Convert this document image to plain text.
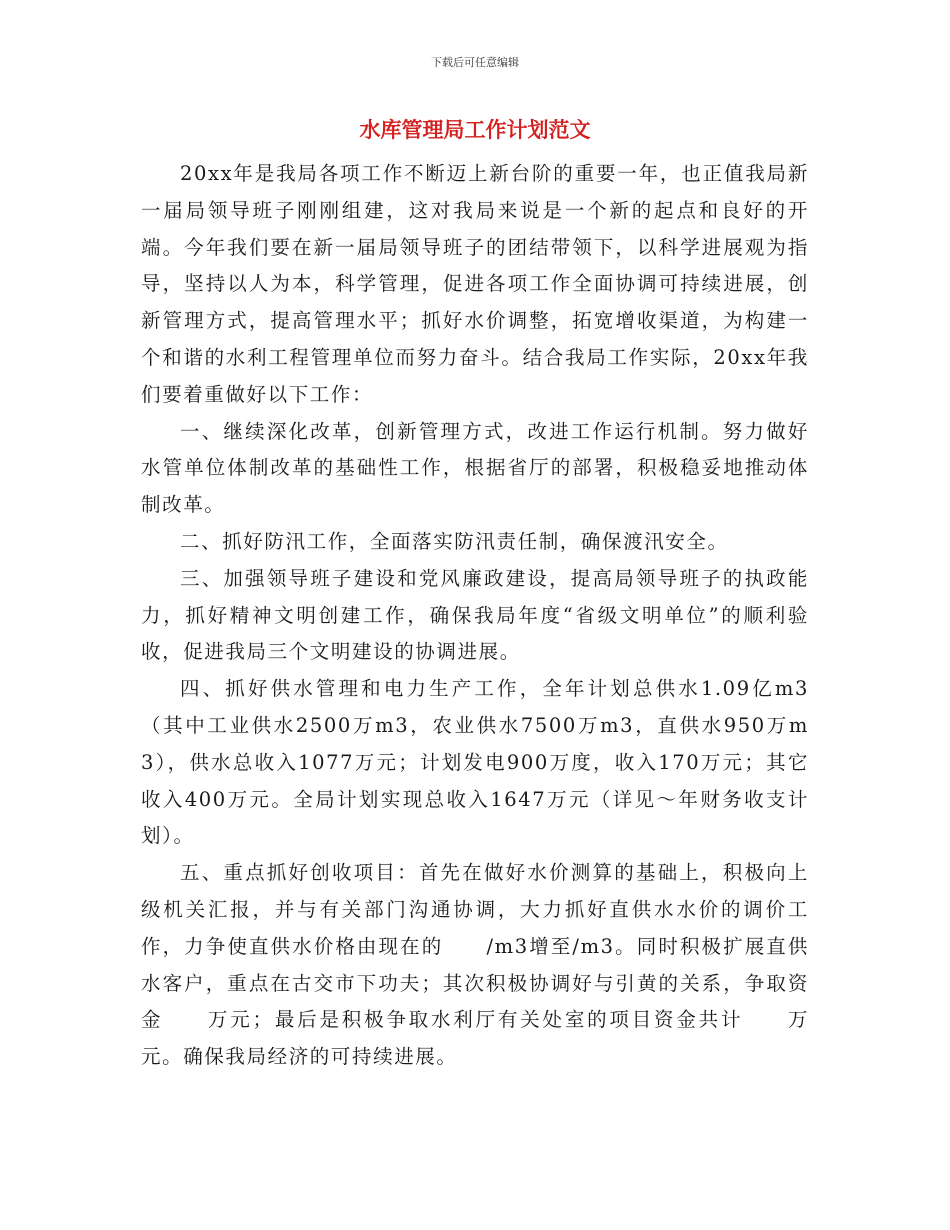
下载后可任意编辑
水库管理局工作计划范文

20xx年是我局各项工作不断迈上新台阶的重要一年，也正值我局新一届局领导班子刚刚组建，这对我局来说是一个新的起点和良好的开端。今年我们要在新一届局领导班子的团结带领下，以科学进展观为指导，坚持以人为本，科学管理，促进各项工作全面协调可持续进展，创新管理方式，提高管理水平；抓好水价调整，拓宽增收渠道，为构建一个和谐的水利工程管理单位而努力奋斗。结合我局工作实际，20xx年我们要着重做好以下工作：

一、继续深化改革，创新管理方式，改进工作运行机制。努力做好水管单位体制改革的基础性工作，根据省厅的部署，积极稳妥地推动体制改革。

二、抓好防汛工作，全面落实防汛责任制，确保渡汛安全。

三、加强领导班子建设和党风廉政建设，提高局领导班子的执政能力，抓好精神文明创建工作，确保我局年度“省级文明单位”的顺利验收，促进我局三个文明建设的协调进展。

四、抓好供水管理和电力生产工作，全年计划总供水1.09亿m3（其中工业供水2500万m3，农业供水7500万m3，直供水950万m3），供水总收入1077万元；计划发电900万度，收入170万元；其它收入400万元。全局计划实现总收入1647万元（详见～年财务收支计划）。

五、重点抓好创收项目：首先在做好水价测算的基础上，积极向上级机关汇报，并与有关部门沟通协调，大力抓好直供水水价的调价工作，力争使直供水价格由现在的　　/m3增至/m3。同时积极扩展直供水客户，重点在古交市下功夫；其次积极协调好与引黄的关系，争取资金　　万元；最后是积极争取水利厅有关处室的项目资金共计　　万元。确保我局经济的可持续进展。
